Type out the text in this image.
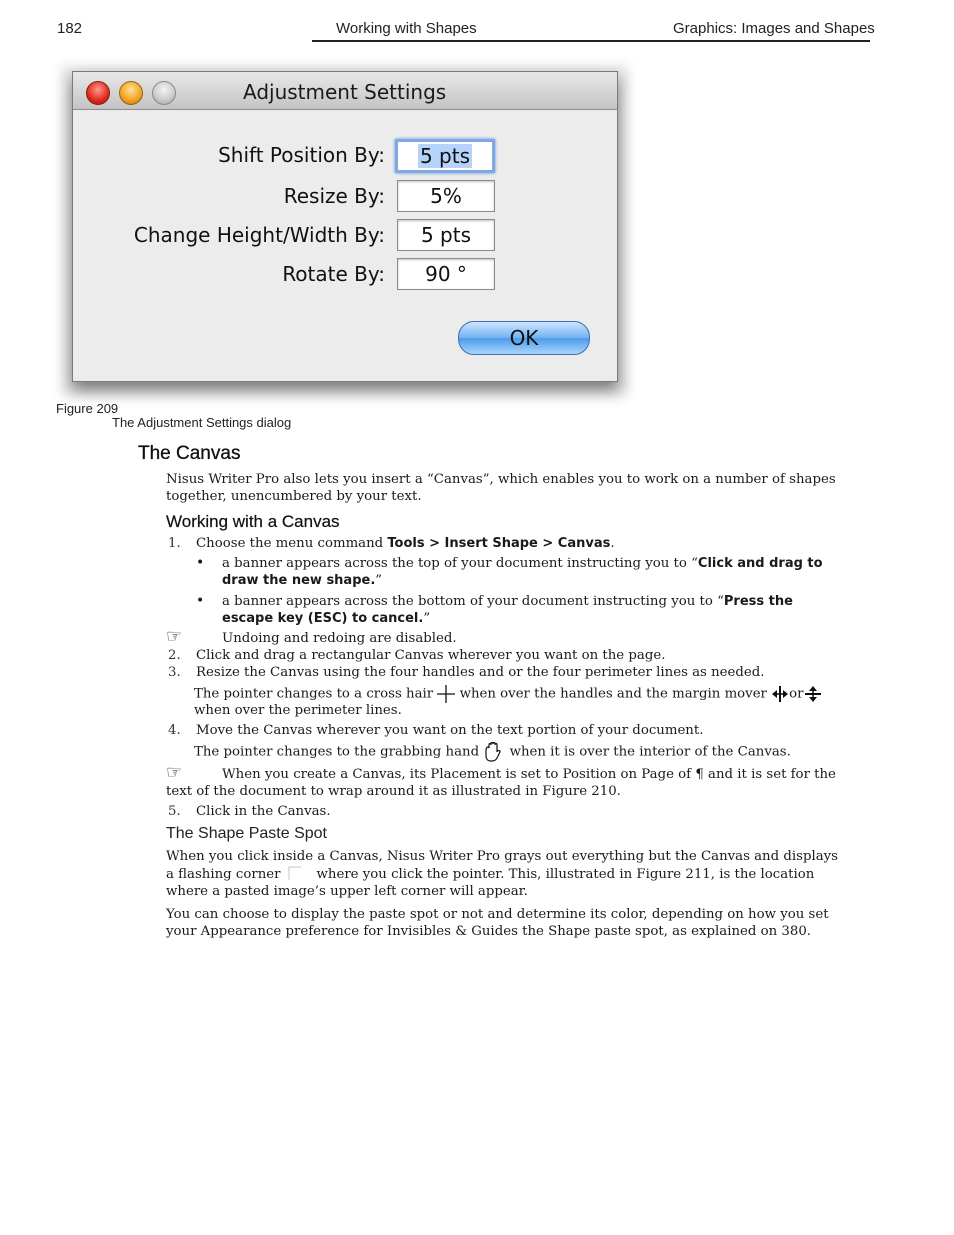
182	Working with Shapes	Graphics: Images and Shapes
Adjustment Settings
Shift Position By:	5 pts
Resize By:	5%
Change Height/Width By:	5 pts
Rotate By:	90 °
OK
Figure 209
The Adjustment Settings dialog
The Canvas
Nisus Writer Pro also lets you insert a “Canvas”, which enables you to work on a number of shapes
together, unencumbered by your text.
Working with a Canvas
1. Choose the menu command Tools > Insert Shape > Canvas.
• a banner appears across the top of your document instructing you to “Click and drag to
draw the new shape.”
• a banner appears across the bottom of your document instructing you to “Press the
escape key (ESC) to cancel.”
☞	Undoing and redoing are disabled.
2. Click and drag a rectangular Canvas wherever you want on the page.
3. Resize the Canvas using the four handles and or the four perimeter lines as needed.
The pointer changes to a cross hair  when over the handles and the margin mover or
when over the perimeter lines.
4. Move the Canvas wherever you want on the text portion of your document.
The pointer changes to the grabbing hand  when it is over the interior of the Canvas.
☞	When you create a Canvas, its Placement is set to Position on Page of ¶ and it is set for the
text of the document to wrap around it as illustrated in Figure 210.
5. Click in the Canvas.
The Shape Paste Spot
When you click inside a Canvas, Nisus Writer Pro grays out everything but the Canvas and displays
a flashing corner	where you click the pointer. This, illustrated in Figure 211, is the location
where a pasted image’s upper left corner will appear.
You can choose to display the paste spot or not and determine its color, depending on how you set
your Appearance preference for Invisibles & Guides the Shape paste spot, as explained on 380.
